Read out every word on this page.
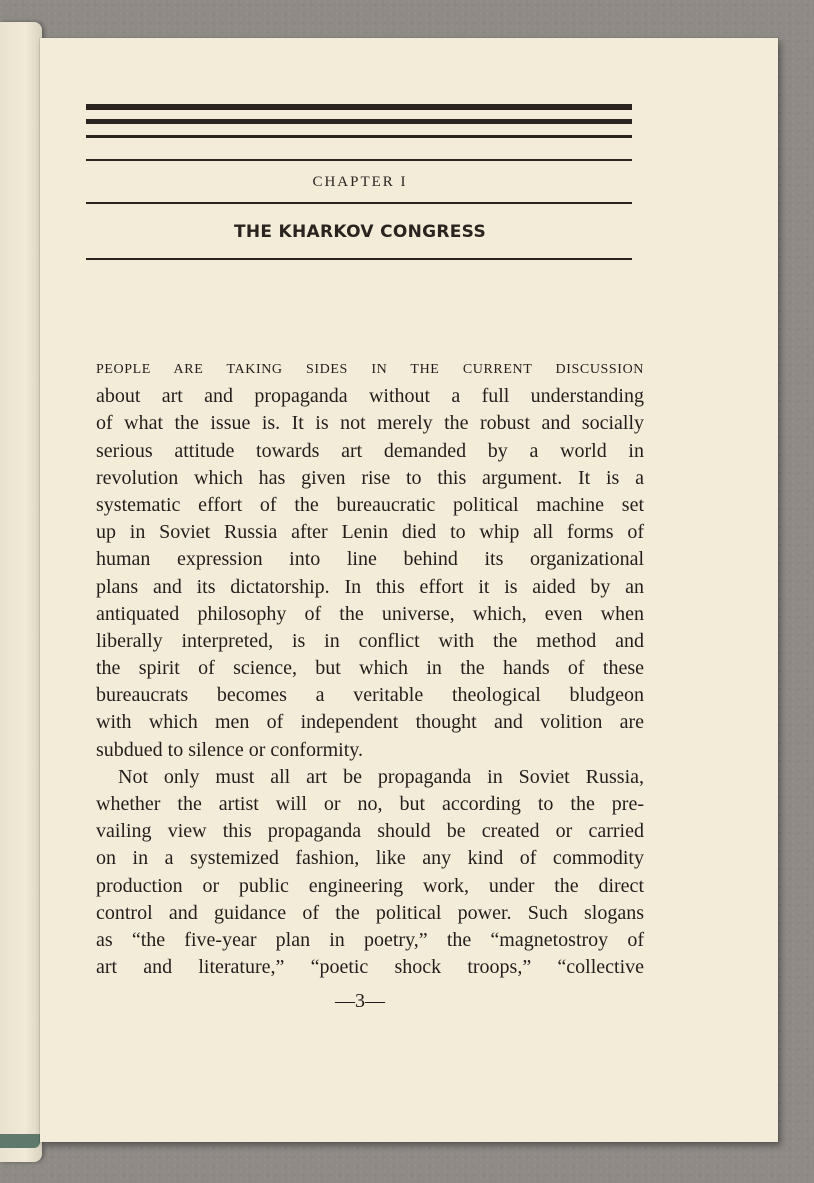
CHAPTER I
THE KHARKOV CONGRESS
PEOPLE ARE TAKING SIDES IN THE CURRENT DISCUSSION
about art and propaganda without a full understanding
of what the issue is. It is not merely the robust and socially
serious attitude towards art demanded by a world in
revolution which has given rise to this argument. It is a
systematic effort of the bureaucratic political machine set
up in Soviet Russia after Lenin died to whip all forms of
human expression into line behind its organizational
plans and its dictatorship. In this effort it is aided by an
antiquated philosophy of the universe, which, even when
liberally interpreted, is in conflict with the method and
the spirit of science, but which in the hands of these
bureaucrats becomes a veritable theological bludgeon
with which men of independent thought and volition are
subdued to silence or conformity.
Not only must all art be propaganda in Soviet Russia,
whether the artist will or no, but according to the pre-
vailing view this propaganda should be created or carried
on in a systemized fashion, like any kind of commodity
production or public engineering work, under the direct
control and guidance of the political power. Such slogans
as “the five-year plan in poetry,” the “magnetostroy of
art and literature,” “poetic shock troops,” “collective
—3—
